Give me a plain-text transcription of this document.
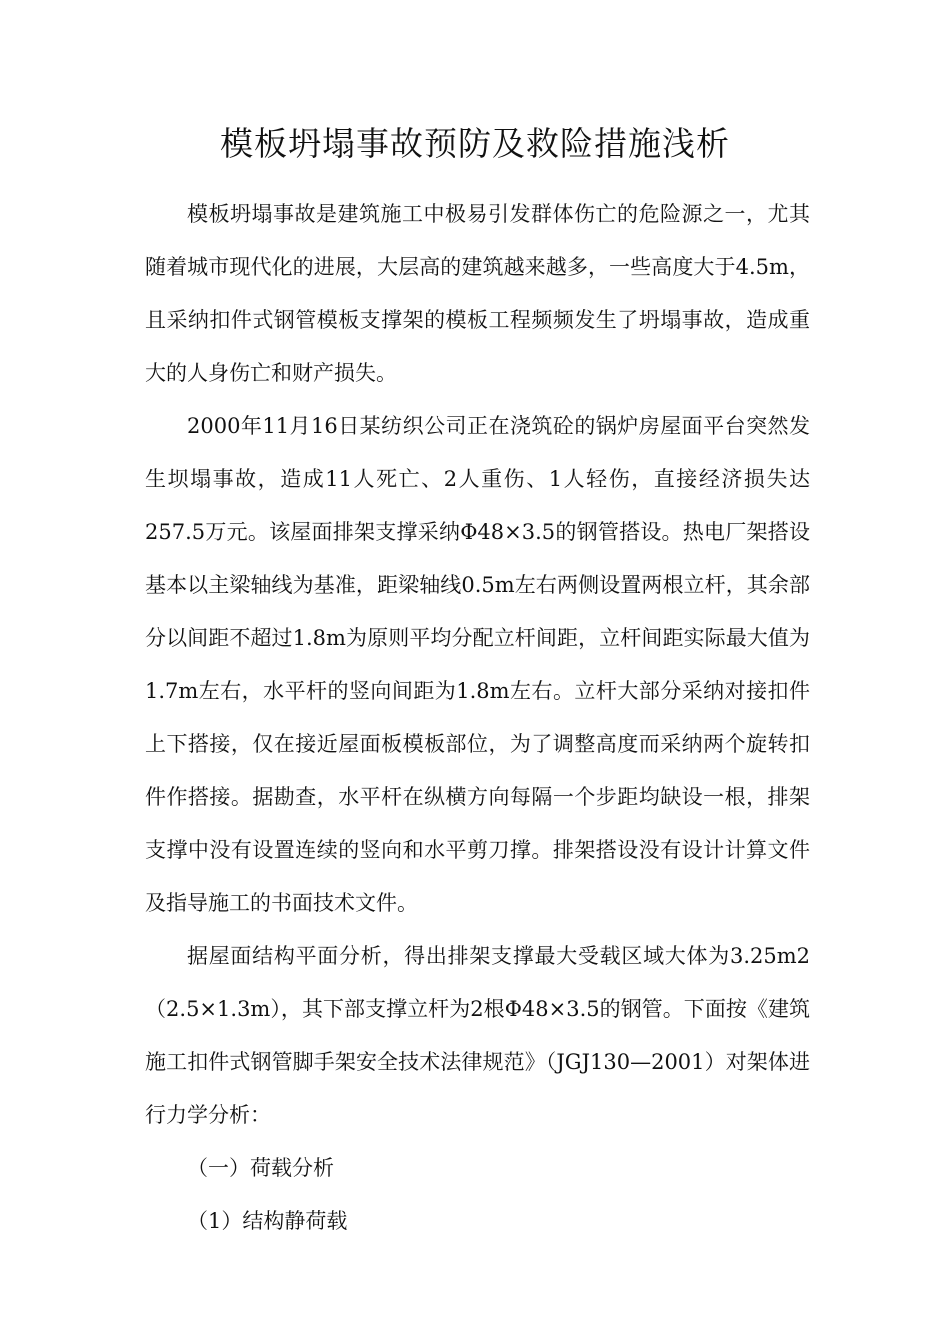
模板坍塌事故预防及救险措施浅析

模板坍塌事故是建筑施工中极易引发群体伤亡的危险源之一，尤其随着城市现代化的进展，大层高的建筑越来越多，一些高度大于4.5m，且采纳扣件式钢管模板支撑架的模板工程频频发生了坍塌事故，造成重大的人身伤亡和财产损失。

2000年11月16日某纺织公司正在浇筑砼的锅炉房屋面平台突然发生坝塌事故，造成11人死亡、2人重伤、1人轻伤，直接经济损失达257.5万元。该屋面排架支撑采纳Φ48×3.5的钢管搭设。热电厂架搭设基本以主梁轴线为基准，距梁轴线0.5m左右两侧设置两根立杆，其余部分以间距不超过1.8m为原则平均分配立杆间距，立杆间距实际最大值为1.7m左右，水平杆的竖向间距为1.8m左右。立杆大部分采纳对接扣件上下搭接，仅在接近屋面板模板部位，为了调整高度而采纳两个旋转扣件作搭接。据勘查，水平杆在纵横方向每隔一个步距均缺设一根，排架支撑中没有设置连续的竖向和水平剪刀撑。排架搭设没有设计计算文件及指导施工的书面技术文件。

据屋面结构平面分析，得出排架支撑最大受载区域大体为3.25m2（2.5×1.3m），其下部支撑立杆为2根Φ48×3.5的钢管。下面按《建筑施工扣件式钢管脚手架安全技术法律规范》（JGJ130—2001）对架体进行力学分析：

（一）荷载分析

（1）结构静荷载
